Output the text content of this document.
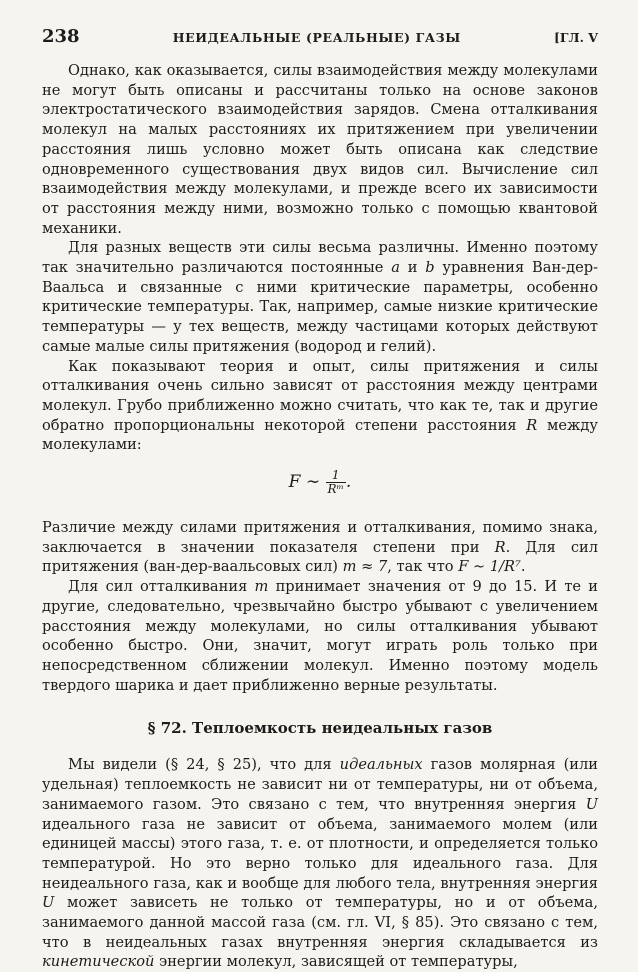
238	НЕИДЕАЛЬНЫЕ (РЕАЛЬНЫЕ) ГАЗЫ	[ГЛ. V

Однако, как оказывается, силы взаимодействия между молекулами не могут быть описаны и рассчитаны только на основе законов электростатического взаимодействия зарядов. Смена отталкивания молекул на малых расстояниях их притяжением при увеличении расстояния лишь условно может быть описана как следствие одновременного существования двух видов сил. Вычисление сил взаимодействия между молекулами, и прежде всего их зависимости от расстояния между ними, возможно только с помощью квантовой механики.

Для разных веществ эти силы весьма различны. Именно поэтому так значительно различаются постоянные a и b уравнения Ван-дер-Ваальса и связанные с ними критические параметры, особенно критические температуры. Так, например, самые низкие критические температуры — у тех веществ, между частицами которых действуют самые малые силы притяжения (водород и гелий).

Как показывают теория и опыт, силы притяжения и силы отталкивания очень сильно зависят от расстояния между центрами молекул. Грубо приближенно можно считать, что как те, так и другие обратно пропорциональны некоторой степени расстояния R между молекулами:

F ∼ $\frac{1}{\text{Rᵐ}}$ .

Различие между силами притяжения и отталкивания, помимо знака, заключается в значении показателя степени при R. Для сил притяжения (ван-дер-ваальсовых сил) m ≈ 7, так что F ∼ 1/R⁷.

Для сил отталкивания m принимает значения от 9 до 15. И те и другие, следовательно, чрезвычайно быстро убывают с увеличением расстояния между молекулами, но силы отталкивания убывают особенно быстро. Они, значит, могут играть роль только при непосредственном сближении молекул. Именно поэтому модель твердого шарика и дает приближенно верные результаты.

§ 72. Теплоемкость неидеальных газов

Мы видели (§ 24, § 25), что для идеальных газов молярная (или удельная) теплоемкость не зависит ни от температуры, ни от объема, занимаемого газом. Это связано с тем, что внутренняя энергия U идеального газа не зависит от объема, занимаемого молем (или единицей массы) этого газа, т. е. от плотности, и определяется только температурой. Но это верно только для идеального газа. Для неидеального газа, как и вообще для любого тела, внутренняя энергия U может зависеть не только от температуры, но и от объема, занимаемого данной массой газа (см. гл. VI, § 85). Это связано с тем, что в неидеальных газах внутренняя энергия складывается из кинетической энергии молекул, зависящей от температуры,
